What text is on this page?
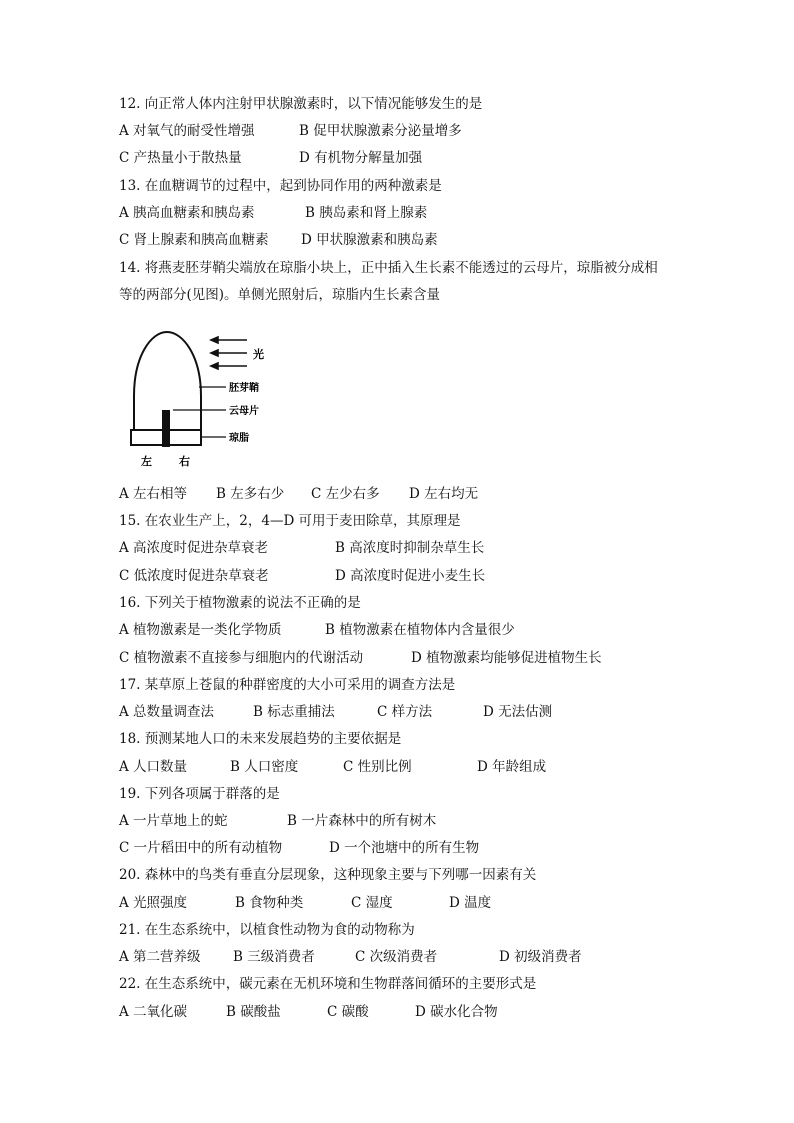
12. 向正常人体内注射甲状腺激素时，以下情况能够发生的是
A 对氧气的耐受性增强	B 促甲状腺激素分泌量增多
C 产热量小于散热量	D 有机物分解量加强
13. 在血糖调节的过程中，起到协同作用的两种激素是
A 胰高血糖素和胰岛素	B 胰岛素和肾上腺素
C 肾上腺素和胰高血糖素 D 甲状腺激素和胰岛素
14. 将燕麦胚芽鞘尖端放在琼脂小块上，正中插入生长素不能透过的云母片，琼脂被分成相
等的两部分(见图)。单侧光照射后，琼脂内生长素含量
光
胚芽鞘
云母片
琼脂
左 右
A 左右相等 B 左多右少 C 左少右多 D 左右均无
15. 在农业生产上，2，4—D 可用于麦田除草，其原理是
A 高浓度时促进杂草衰老	B 高浓度时抑制杂草生长
C 低浓度时促进杂草衰老	D 高浓度时促进小麦生长
16. 下列关于植物激素的说法不正确的是
A 植物激素是一类化学物质	B 植物激素在植物体内含量很少
C 植物激素不直接参与细胞内的代谢活动	D 植物激素均能够促进植物生长
17. 某草原上苍鼠的种群密度的大小可采用的调查方法是
A 总数量调查法	B 标志重捕法	C 样方法	D 无法估测
18. 预测某地人口的未来发展趋势的主要依据是
A 人口数量	B 人口密度	C 性别比例	D 年龄组成
19. 下列各项属于群落的是
A 一片草地上的蛇	B 一片森林中的所有树木
C 一片稻田中的所有动植物	D 一个池塘中的所有生物
20. 森林中的鸟类有垂直分层现象，这种现象主要与下列哪一因素有关
A 光照强度	B 食物种类	C 湿度	D 温度
21. 在生态系统中，以植食性动物为食的动物称为
A 第二营养级 B 三级消费者	C 次级消费者	D 初级消费者
22. 在生态系统中，碳元素在无机环境和生物群落间循环的主要形式是
A 二氧化碳	B 碳酸盐	C 碳酸	D 碳水化合物
